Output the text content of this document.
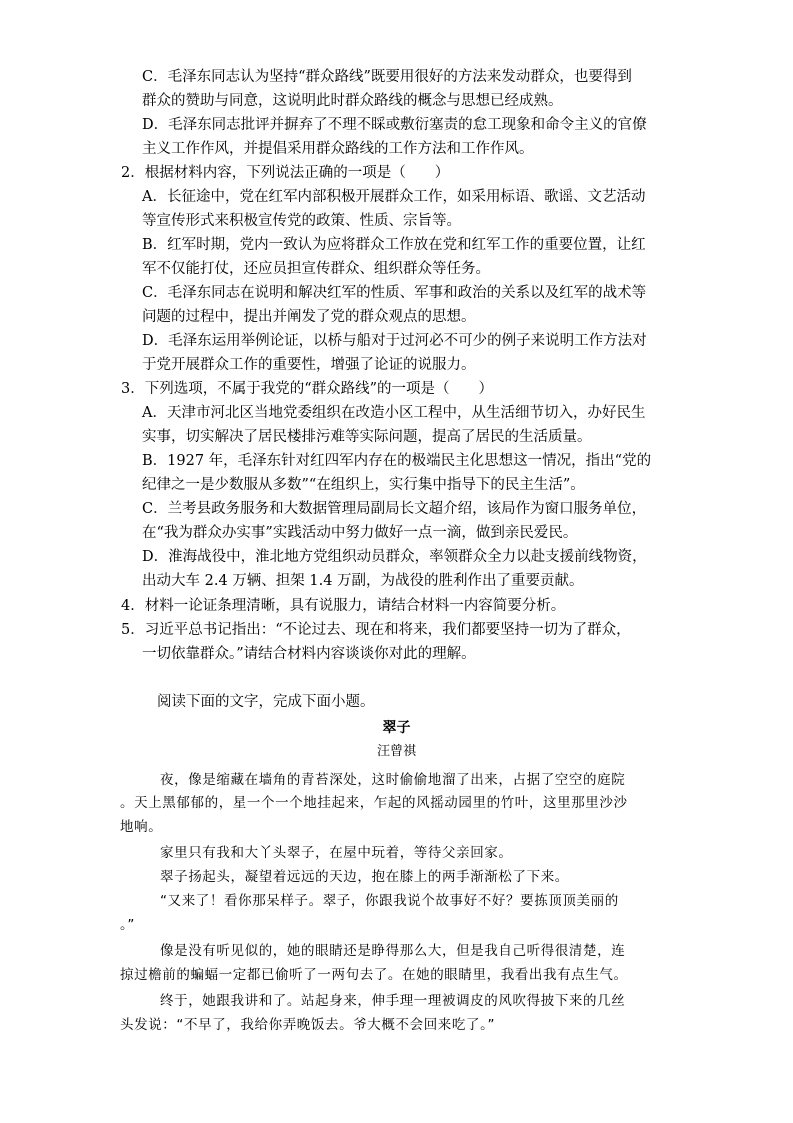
C．毛泽东同志认为坚持“群众路线”既要用很好的方法来发动群众，也要得到
群众的赞助与同意，这说明此时群众路线的概念与思想已经成熟。
D．毛泽东同志批评并摒弃了不理不睬或敷衍塞责的怠工现象和命令主义的官僚
主义工作作风，并提倡采用群众路线的工作方法和工作作风。
2．根据材料内容，下列说法正确的一项是（　　）
A．长征途中，党在红军内部积极开展群众工作，如采用标语、歌谣、文艺活动
等宣传形式来积极宣传党的政策、性质、宗旨等。
B．红军时期，党内一致认为应将群众工作放在党和红军工作的重要位置，让红
军不仅能打仗，还应员担宣传群众、组织群众等任务。
C．毛泽东同志在说明和解决红军的性质、军事和政治的关系以及红军的战术等
问题的过程中，提出并阐发了党的群众观点的思想。
D．毛泽东运用举例论证，以桥与船对于过河必不可少的例子来说明工作方法对
于党开展群众工作的重要性，增强了论证的说服力。
3．下列选项，不属于我党的“群众路线”的一项是（　　）
A．天津市河北区当地党委组织在改造小区工程中，从生活细节切入，办好民生
实事，切实解决了居民楼排污难等实际问题，提高了居民的生活质量。
B．1927 年，毛泽东针对红四军内存在的极端民主化思想这一情况，指出“党的
纪律之一是少数服从多数”“在组织上，实行集中指导下的民主生活”。
C．兰考县政务服务和大数据管理局副局长文超介绍，该局作为窗口服务单位，
在“我为群众办实事”实践活动中努力做好一点一滴，做到亲民爱民。
D．淮海战役中，淮北地方党组织动员群众，率领群众全力以赴支援前线物资，
出动大车 2.4 万辆、担架 1.4 万副，为战役的胜利作出了重要贡献。
4．材料一论证条理清晰，具有说服力，请结合材料一内容简要分析。
5．习近平总书记指出：“不论过去、现在和将来，我们都要坚持一切为了群众，
一切依靠群众。”请结合材料内容谈谈你对此的理解。
阅读下面的文字，完成下面小题。
翠子
汪曾祺
夜，像是缩藏在墙角的青苔深处，这时偷偷地溜了出来，占据了空空的庭院
。天上黑郁郁的，星一个一个地挂起来，乍起的风摇动园里的竹叶，这里那里沙沙
地响。
家里只有我和大丫头翠子，在屋中玩着，等待父亲回家。
翠子扬起头，凝望着远远的天边，抱在膝上的两手渐渐松了下来。
“又来了！看你那呆样子。翠子，你跟我说个故事好不好？要拣顶顶美丽的
。”
像是没有听见似的，她的眼睛还是睁得那么大，但是我自己听得很清楚，连
掠过檐前的蝙蝠一定都已偷听了一两句去了。在她的眼睛里，我看出我有点生气。
终于，她跟我讲和了。站起身来，伸手理一理被调皮的风吹得披下来的几丝
头发说：“不早了，我给你弄晚饭去。爷大概不会回来吃了。”
